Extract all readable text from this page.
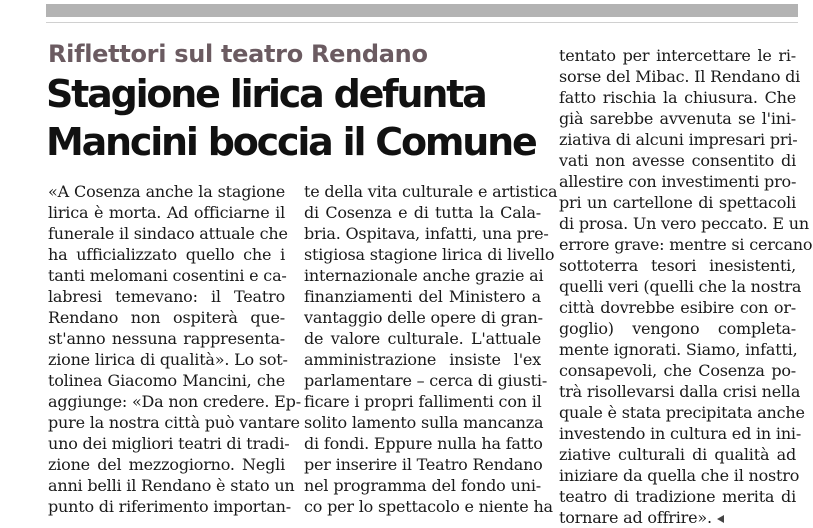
Riflettori sul teatro Rendano
Stagione lirica defunta
Mancini boccia il Comune
«A Cosenza anche la stagione
lirica è morta. Ad officiarne il
funerale il sindaco attuale che
ha ufficializzato quello che i
tanti melomani cosentini e ca-
labresi temevano: il Teatro
Rendano non ospiterà que-
st'anno nessuna rappresenta-
zione lirica di qualità». Lo sot-
tolinea Giacomo Mancini, che
aggiunge: «Da non credere. Ep-
pure la nostra città può vantare
uno dei migliori teatri di tradi-
zione del mezzogiorno. Negli
anni belli il Rendano è stato un
punto di riferimento importan-
te della vita culturale e artistica
di Cosenza e di tutta la Cala-
bria. Ospitava, infatti, una pre-
stigiosa stagione lirica di livello
internazionale anche grazie ai
finanziamenti del Ministero a
vantaggio delle opere di gran-
de valore culturale. L'attuale
amministrazione insiste l'ex
parlamentare – cerca di giusti-
ficare i propri fallimenti con il
solito lamento sulla mancanza
di fondi. Eppure nulla ha fatto
per inserire il Teatro Rendano
nel programma del fondo uni-
co per lo spettacolo e niente ha
tentato per intercettare le ri-
sorse del Mibac. Il Rendano di
fatto rischia la chiusura. Che
già sarebbe avvenuta se l'ini-
ziativa di alcuni impresari pri-
vati non avesse consentito di
allestire con investimenti pro-
pri un cartellone di spettacoli
di prosa. Un vero peccato. E un
errore grave: mentre si cercano
sottoterra tesori inesistenti,
quelli veri (quelli che la nostra
città dovrebbe esibire con or-
goglio) vengono completa-
mente ignorati. Siamo, infatti,
consapevoli, che Cosenza po-
trà risollevarsi dalla crisi nella
quale è stata precipitata anche
investendo in cultura ed in ini-
ziative culturali di qualità ad
iniziare da quella che il nostro
teatro di tradizione merita di
tornare ad offrire».
